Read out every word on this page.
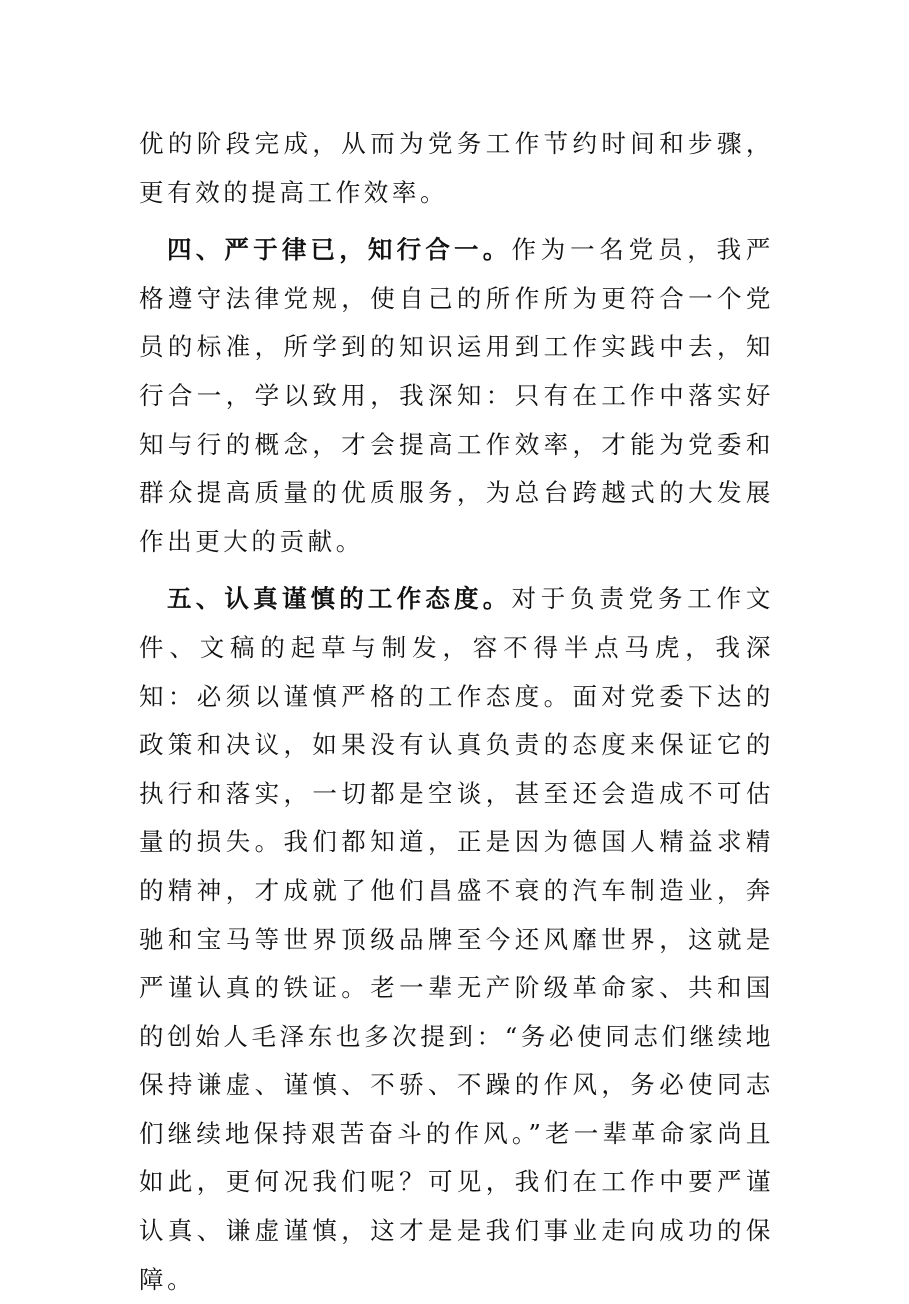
优的阶段完成，从而为党务工作节约时间和步骤，更有效的提高工作效率。

四、严于律已，知行合一。作为一名党员，我严格遵守法律党规，使自己的所作所为更符合一个党员的标准，所学到的知识运用到工作实践中去，知行合一，学以致用，我深知：只有在工作中落实好知与行的概念，才会提高工作效率，才能为党委和群众提高质量的优质服务，为总台跨越式的大发展作出更大的贡献。

五、认真谨慎的工作态度。对于负责党务工作文件、文稿的起草与制发，容不得半点马虎，我深知：必须以谨慎严格的工作态度。面对党委下达的政策和决议，如果没有认真负责的态度来保证它的执行和落实，一切都是空谈，甚至还会造成不可估量的损失。我们都知道，正是因为德国人精益求精的精神，才成就了他们昌盛不衰的汽车制造业，奔驰和宝马等世界顶级品牌至今还风靡世界，这就是严谨认真的铁证。老一辈无产阶级革命家、共和国的创始人毛泽东也多次提到：“务必使同志们继续地保持谦虚、谨慎、不骄、不躁的作风，务必使同志们继续地保持艰苦奋斗的作风。”老一辈革命家尚且如此，更何况我们呢？可见，我们在工作中要严谨认真、谦虚谨慎，这才是是我们事业走向成功的保障。
